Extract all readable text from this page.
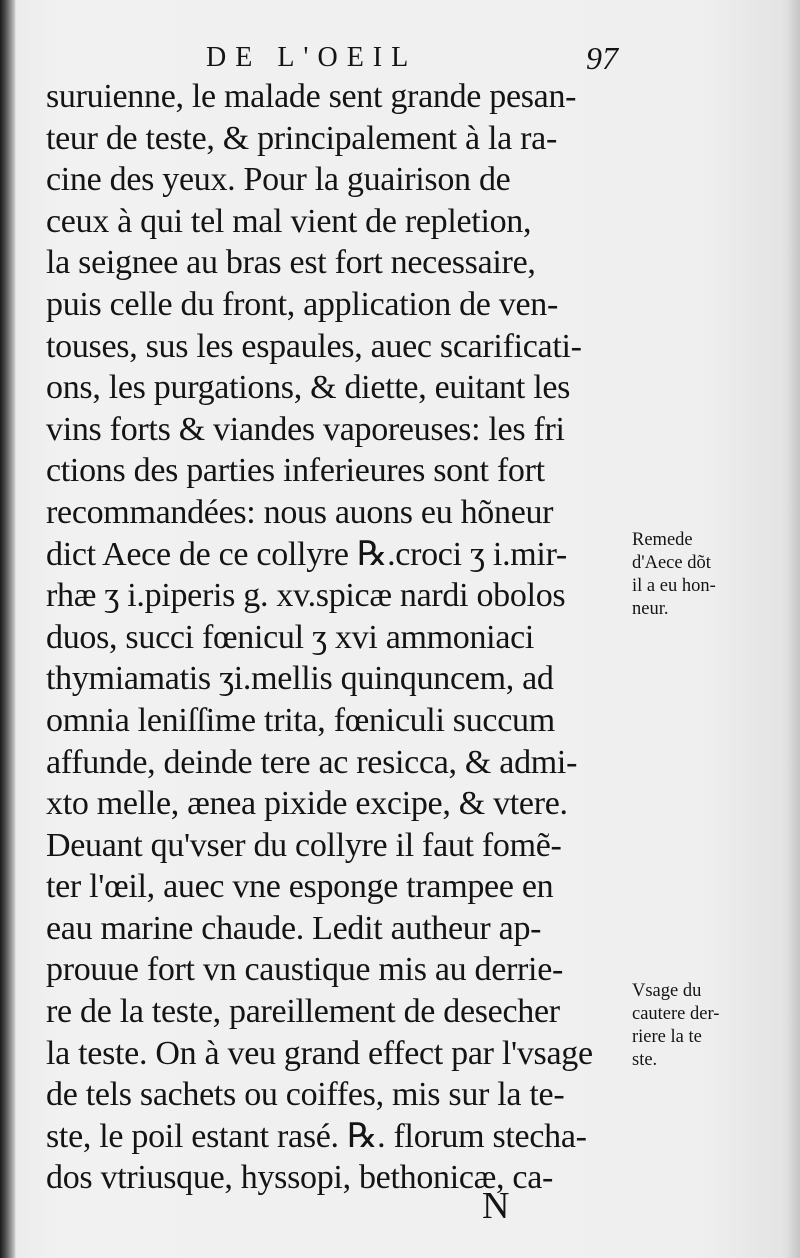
DE L'OEIL	97
suruienne, le malade sent grande pesan-
teur de teste, & principalement à la ra-
cine des yeux. Pour la guairison de
ceux à qui tel mal vient de repletion,
la seignee au bras est fort necessaire,
puis celle du front, application de ven-
touses, sus les espaules, auec scarificati-
ons, les purgations, & diette, euitant les
vins forts & viandes vaporeuses: les fri
ctions des parties inferieures sont fort
recommandées: nous auons eu hõneur
dict Aece de ce collyre ℞.croci ʒ i.mir-
rhæ ʒ i.piperis g. xv.spicæ nardi obolos
duos, succi fœnicul ʒ xvi ammoniaci
thymiamatis ʒi.mellis quinquncem, ad
omnia leniſſime trita, fœniculi succum
affunde, deinde tere ac resicca, & admi-
xto melle, ænea pixide excipe, & vtere.
Deuant qu'vser du collyre il faut fomẽ-
ter l'œil, auec vne esponge trampee en
eau marine chaude. Ledit autheur ap-
prouue fort vn caustique mis au derrie-
re de la teste, pareillement de desecher
la teste. On à veu grand effect par l'vsage
de tels sachets ou coiffes, mis sur la te-
ste, le poil estant rasé. ℞. florum stecha-
dos vtriusque, hyssopi, bethonicæ, ca-
Remede
d'Aece dõt
il a eu hon-
neur.
Vsage du
cautere der-
riere la te
ste.
N
